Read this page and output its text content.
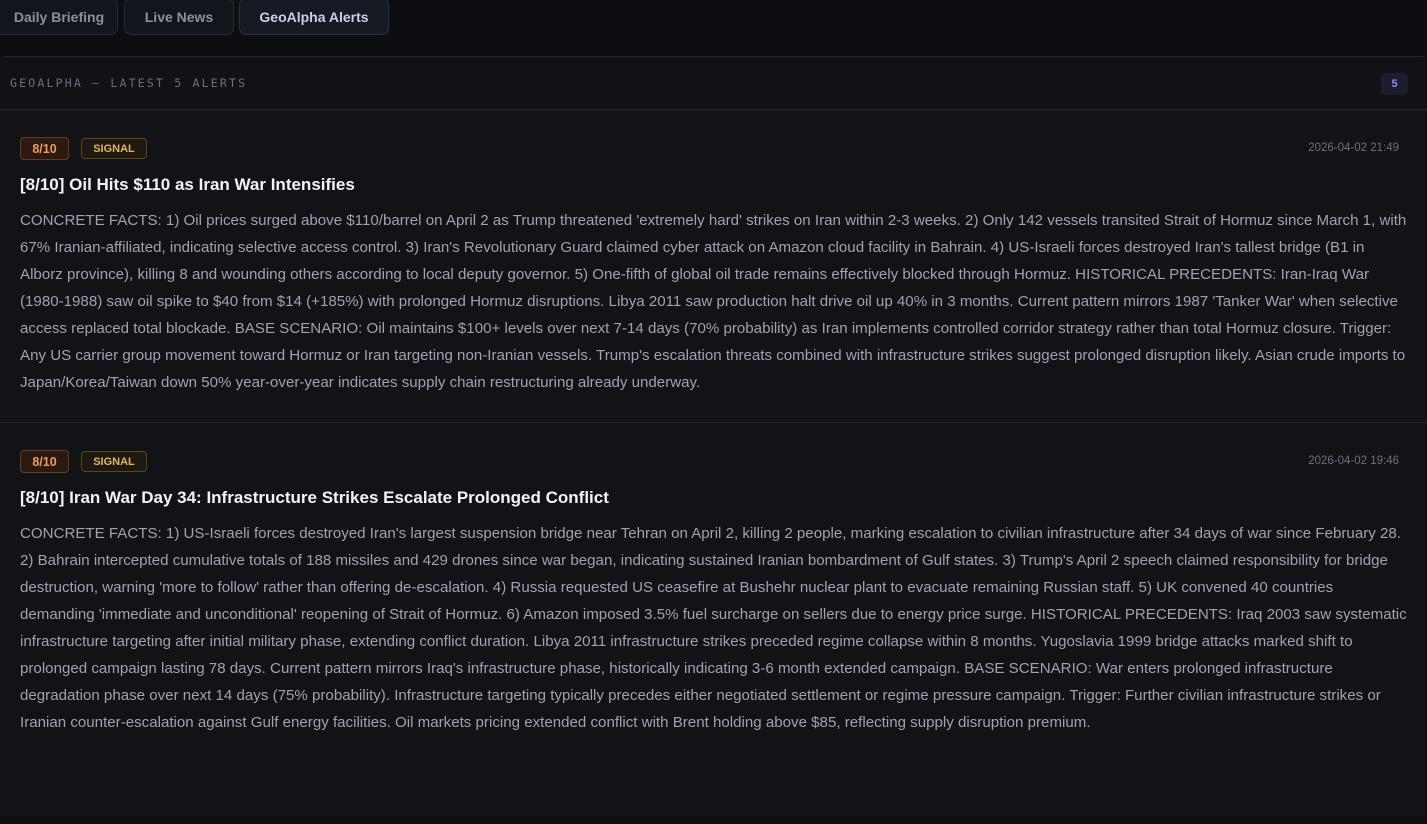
Daily Briefing	Live News	GeoAlpha Alerts
GEOALPHA — LATEST 5 ALERTS	5
8/10	SIGNAL	2026-04-02 21:49
[8/10] Oil Hits $110 as Iran War Intensifies
CONCRETE FACTS: 1) Oil prices surged above $110/barrel on April 2 as Trump threatened 'extremely hard' strikes on Iran within 2-3 weeks. 2) Only 142 vessels transited Strait of Hormuz since March 1, with 67% Iranian-affiliated, indicating selective access control. 3) Iran's Revolutionary Guard claimed cyber attack on Amazon cloud facility in Bahrain. 4) US-Israeli forces destroyed Iran's tallest bridge (B1 in Alborz province), killing 8 and wounding others according to local deputy governor. 5) One-fifth of global oil trade remains effectively blocked through Hormuz. HISTORICAL PRECEDENTS: Iran-Iraq War (1980-1988) saw oil spike to $40 from $14 (+185%) with prolonged Hormuz disruptions. Libya 2011 saw production halt drive oil up 40% in 3 months. Current pattern mirrors 1987 'Tanker War' when selective access replaced total blockade. BASE SCENARIO: Oil maintains $100+ levels over next 7-14 days (70% probability) as Iran implements controlled corridor strategy rather than total Hormuz closure. Trigger: Any US carrier group movement toward Hormuz or Iran targeting non-Iranian vessels. Trump's escalation threats combined with infrastructure strikes suggest prolonged disruption likely. Asian crude imports to Japan/Korea/Taiwan down 50% year-over-year indicates supply chain restructuring already underway.
8/10	SIGNAL	2026-04-02 19:46
[8/10] Iran War Day 34: Infrastructure Strikes Escalate Prolonged Conflict
CONCRETE FACTS: 1) US-Israeli forces destroyed Iran's largest suspension bridge near Tehran on April 2, killing 2 people, marking escalation to civilian infrastructure after 34 days of war since February 28. 2) Bahrain intercepted cumulative totals of 188 missiles and 429 drones since war began, indicating sustained Iranian bombardment of Gulf states. 3) Trump's April 2 speech claimed responsibility for bridge destruction, warning 'more to follow' rather than offering de-escalation. 4) Russia requested US ceasefire at Bushehr nuclear plant to evacuate remaining Russian staff. 5) UK convened 40 countries demanding 'immediate and unconditional' reopening of Strait of Hormuz. 6) Amazon imposed 3.5% fuel surcharge on sellers due to energy price surge. HISTORICAL PRECEDENTS: Iraq 2003 saw systematic infrastructure targeting after initial military phase, extending conflict duration. Libya 2011 infrastructure strikes preceded regime collapse within 8 months. Yugoslavia 1999 bridge attacks marked shift to prolonged campaign lasting 78 days. Current pattern mirrors Iraq's infrastructure phase, historically indicating 3-6 month extended campaign. BASE SCENARIO: War enters prolonged infrastructure degradation phase over next 14 days (75% probability). Infrastructure targeting typically precedes either negotiated settlement or regime pressure campaign. Trigger: Further civilian infrastructure strikes or Iranian counter-escalation against Gulf energy facilities. Oil markets pricing extended conflict with Brent holding above $85, reflecting supply disruption premium.
